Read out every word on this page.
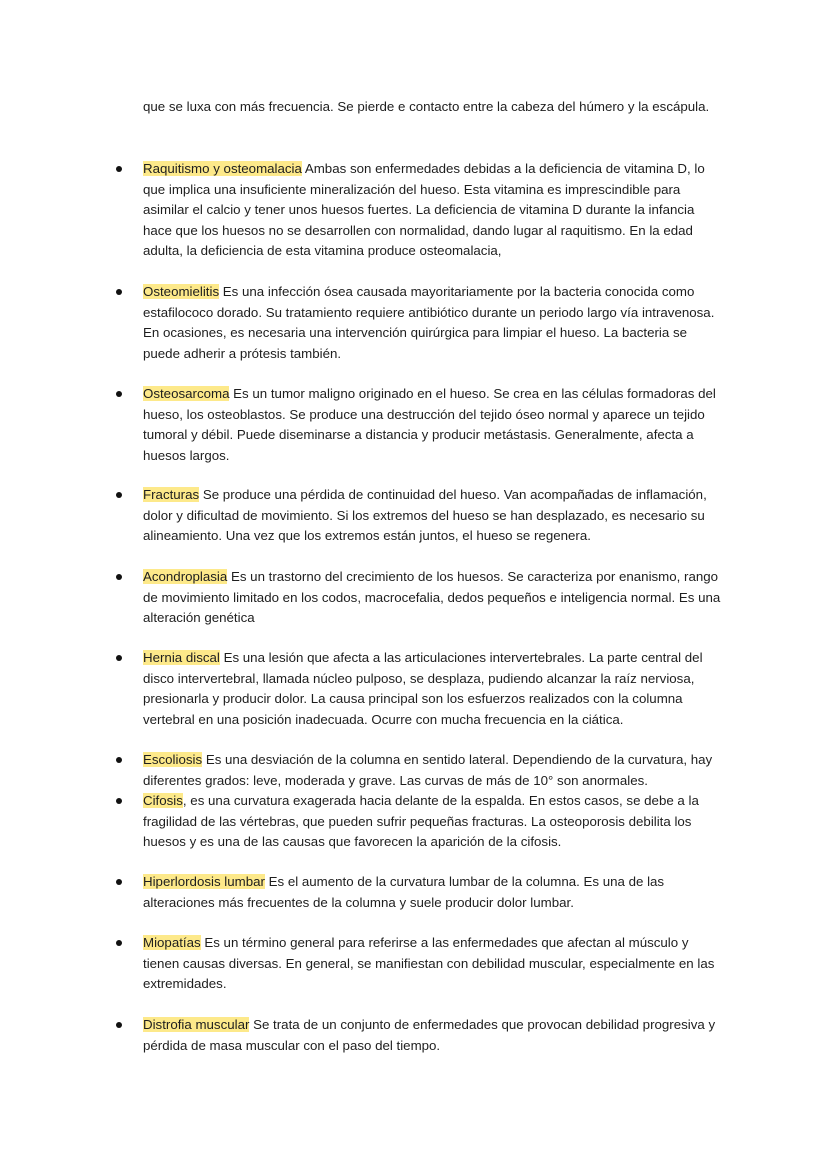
que se luxa con más frecuencia. Se pierde e contacto entre la cabeza del húmero y la escápula.

Raquitismo y osteomalacia Ambas son enfermedades debidas a la deficiencia de vitamina D, lo que implica una insuficiente mineralización del hueso. Esta vitamina es imprescindible para asimilar el calcio y tener unos huesos fuertes. La deficiencia de vitamina D durante la infancia hace que los huesos no se desarrollen con normalidad, dando lugar al raquitismo. En la edad adulta, la deficiencia de esta vitamina produce osteomalacia,
Osteomielitis Es una infección ósea causada mayoritariamente por la bacteria conocida como estafilococo dorado. Su tratamiento requiere antibiótico durante un periodo largo vía intravenosa. En ocasiones, es necesaria una intervención quirúrgica para limpiar el hueso. La bacteria se puede adherir a prótesis también.
Osteosarcoma Es un tumor maligno originado en el hueso. Se crea en las células formadoras del hueso, los osteoblastos. Se produce una destrucción del tejido óseo normal y aparece un tejido tumoral y débil. Puede diseminarse a distancia y producir metástasis. Generalmente, afecta a huesos largos.
Fracturas Se produce una pérdida de continuidad del hueso. Van acompañadas de inflamación, dolor y dificultad de movimiento. Si los extremos del hueso se han desplazado, es necesario su alineamiento. Una vez que los extremos están juntos, el hueso se regenera.
Acondroplasia Es un trastorno del crecimiento de los huesos. Se caracteriza por enanismo, rango de movimiento limitado en los codos, macrocefalia, dedos pequeños e inteligencia normal. Es una alteración genética
Hernia discal Es una lesión que afecta a las articulaciones intervertebrales. La parte central del disco intervertebral, llamada núcleo pulposo, se desplaza, pudiendo alcanzar la raíz nerviosa, presionarla y producir dolor. La causa principal son los esfuerzos realizados con la columna vertebral en una posición inadecuada. Ocurre con mucha frecuencia en la ciática.
Escoliosis Es una desviación de la columna en sentido lateral. Dependiendo de la curvatura, hay diferentes grados: leve, moderada y grave. Las curvas de más de 10° son anormales.
Cifosis, es una curvatura exagerada hacia delante de la espalda. En estos casos, se debe a la fragilidad de las vértebras, que pueden sufrir pequeñas fracturas. La osteoporosis debilita los huesos y es una de las causas que favorecen la aparición de la cifosis.
Hiperlordosis lumbar Es el aumento de la curvatura lumbar de la columna. Es una de las alteraciones más frecuentes de la columna y suele producir dolor lumbar.
Miopatías Es un término general para referirse a las enfermedades que afectan al músculo y tienen causas diversas. En general, se manifiestan con debilidad muscular, especialmente en las extremidades.
Distrofia muscular Se trata de un conjunto de enfermedades que provocan debilidad progresiva y pérdida de masa muscular con el paso del tiempo.
